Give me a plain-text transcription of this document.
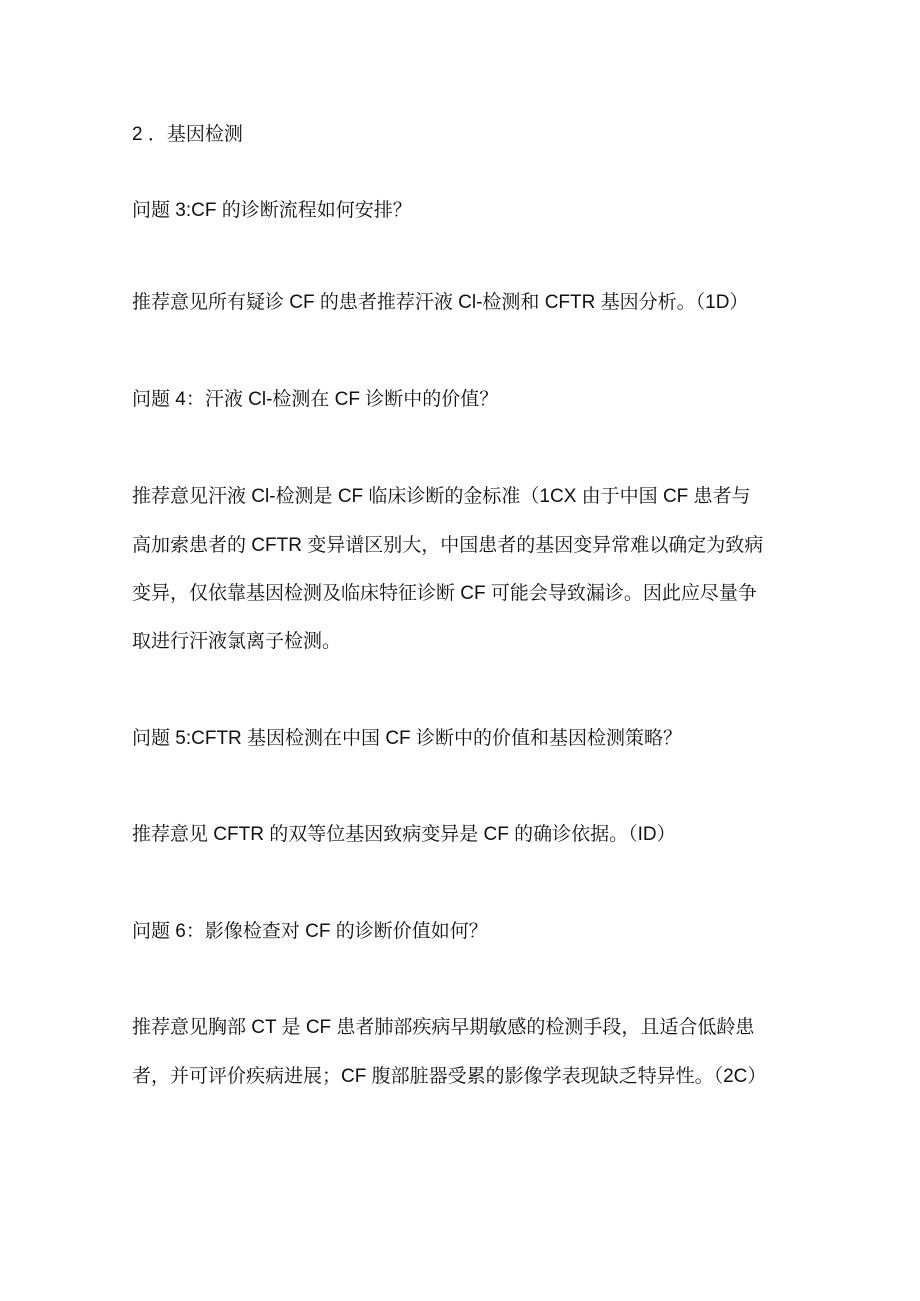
2 ．基因检测
问题 3:CF 的诊断流程如何安排？
推荐意见所有疑诊 CF 的患者推荐汗液 Cl-检测和 CFTR 基因分析。（1D）
问题 4：汗液 Cl-检测在 CF 诊断中的价值？
推荐意见汗液 Cl-检测是 CF 临床诊断的金标准（1CX 由于中国 CF 患者与
高加索患者的 CFTR 变异谱区别大，中国患者的基因变异常难以确定为致病
变异，仅依靠基因检测及临床特征诊断 CF 可能会导致漏诊。因此应尽量争
取进行汗液氯离子检测。
问题 5:CFTR 基因检测在中国 CF 诊断中的价值和基因检测策略？
推荐意见 CFTR 的双等位基因致病变异是 CF 的确诊依据。（ID）
问题 6：影像检查对 CF 的诊断价值如何？
推荐意见胸部 CT 是 CF 患者肺部疾病早期敏感的检测手段，且适合低龄患
者，并可评价疾病进展；CF 腹部脏器受累的影像学表现缺乏特异性。（2C）
